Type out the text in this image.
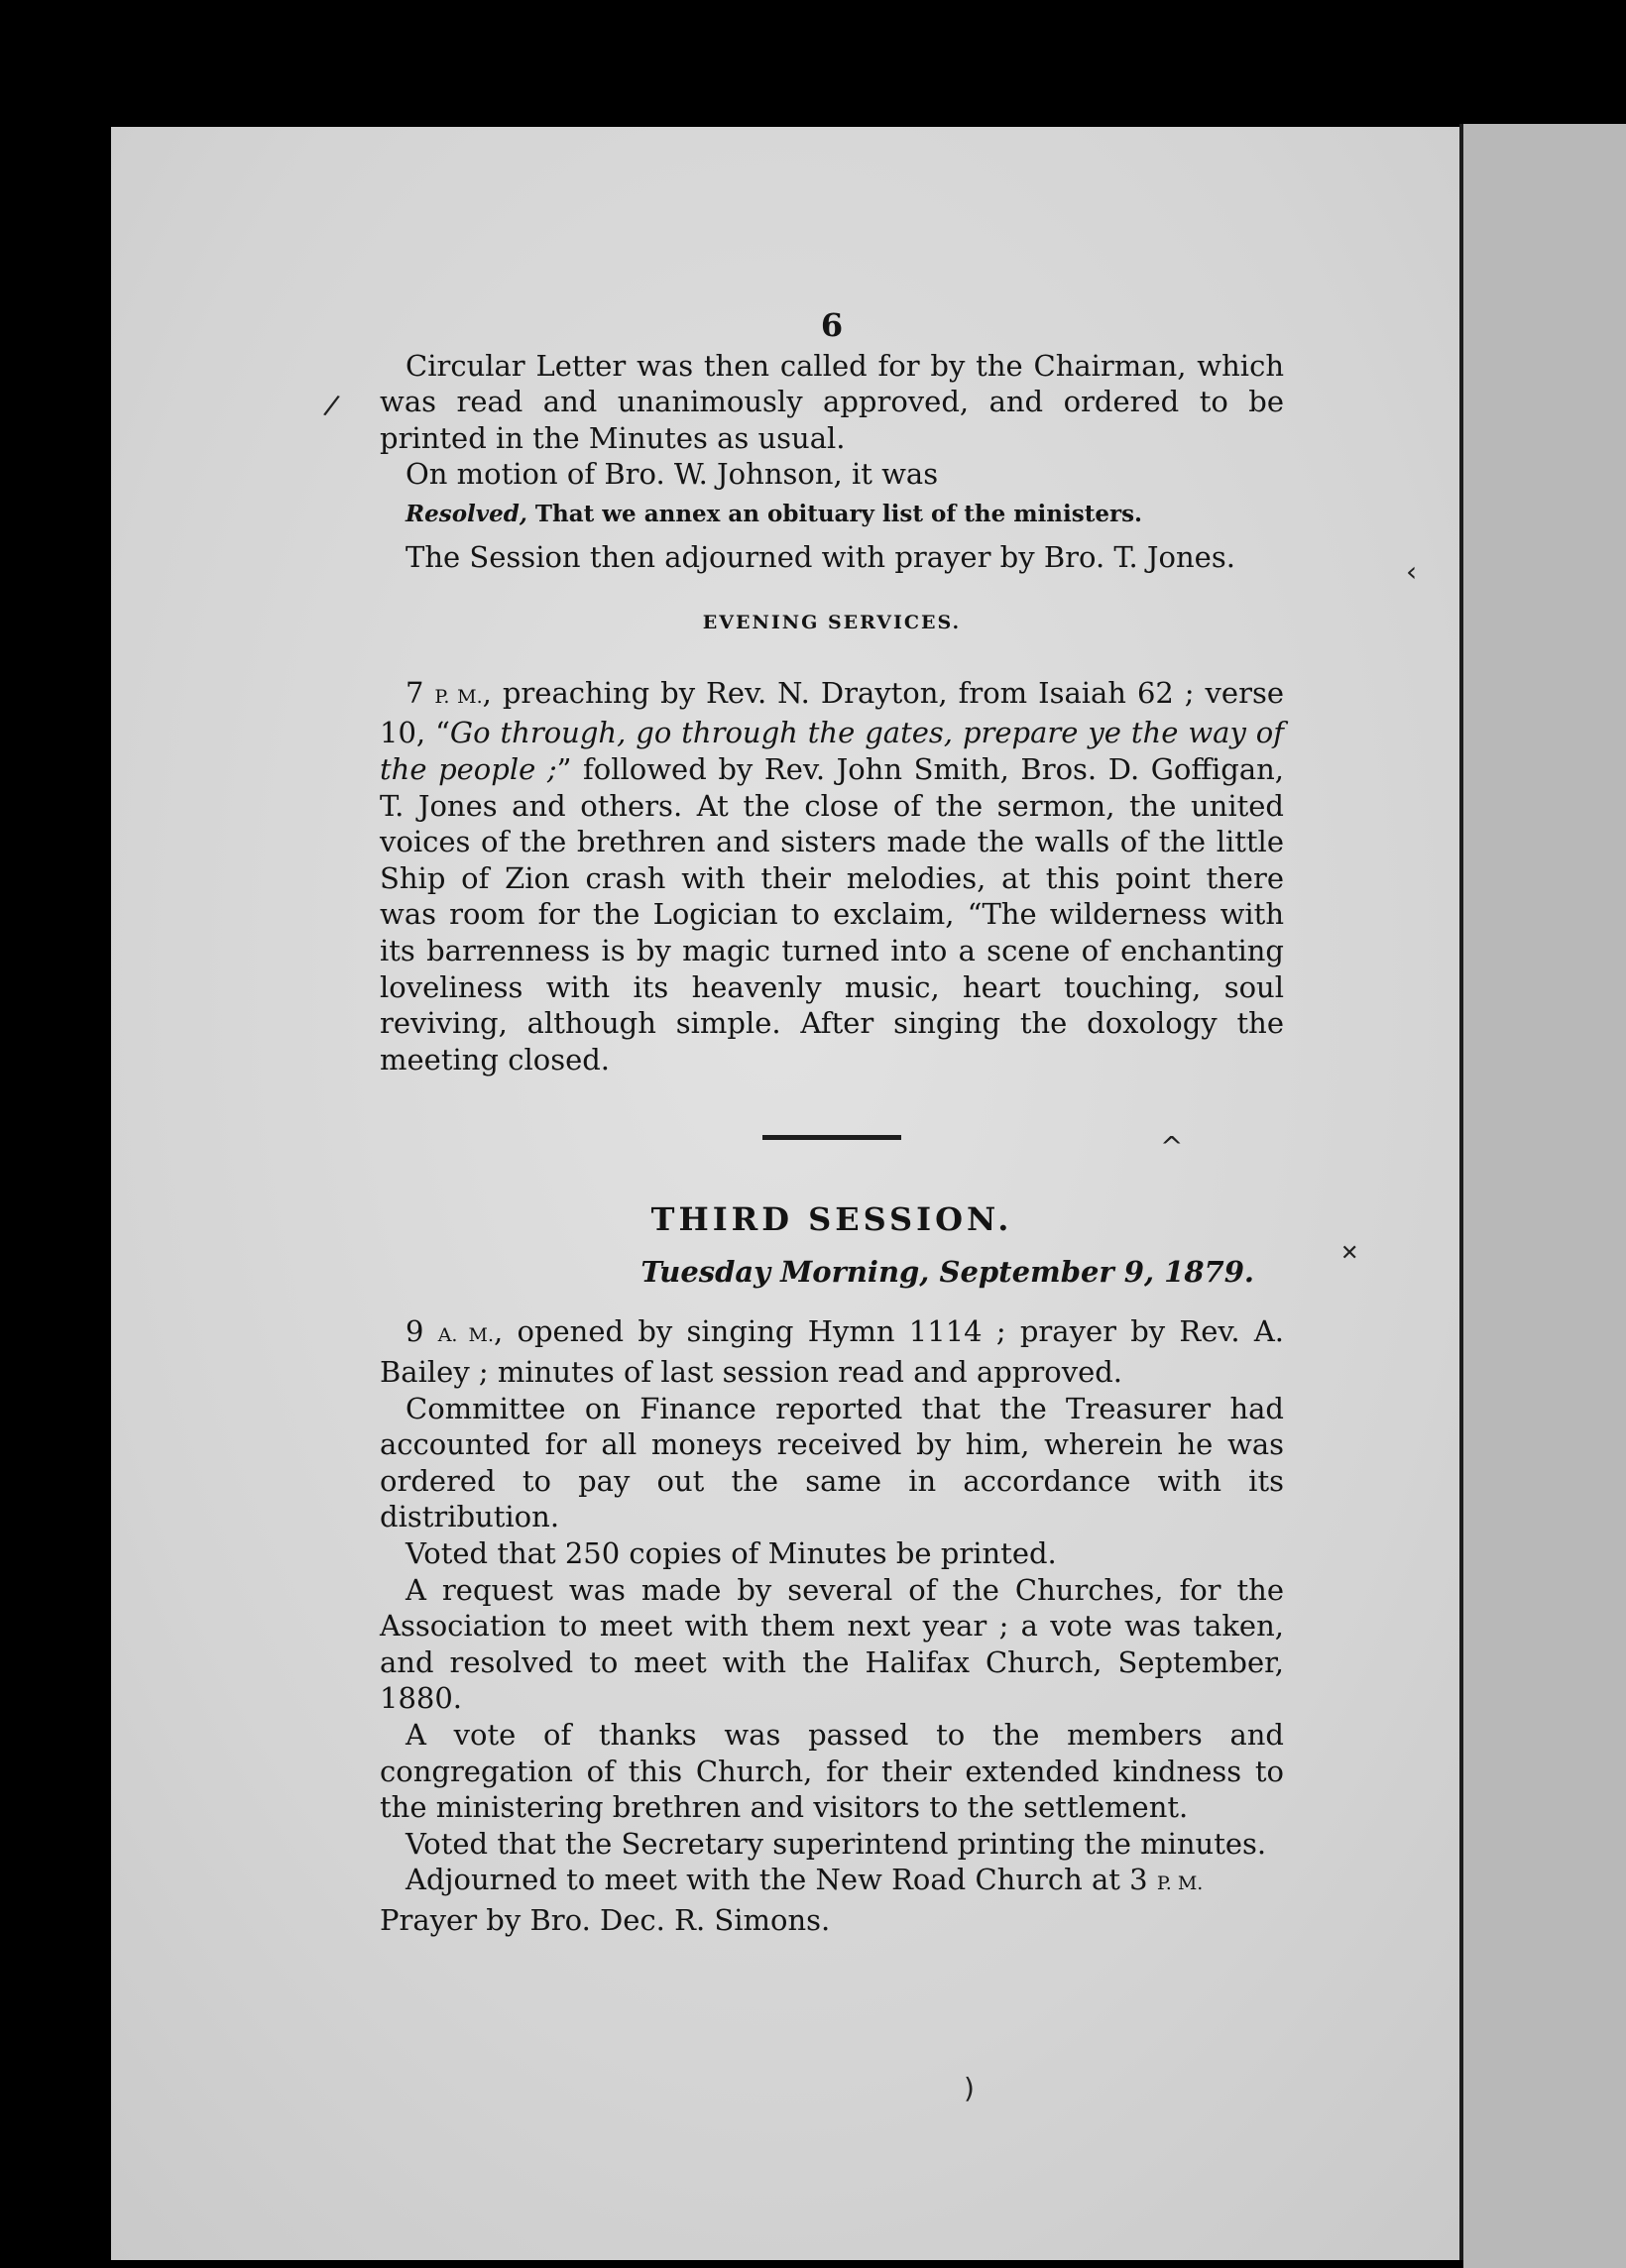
/
‹
^
✕
)
6

Circular Letter was then called for by the Chairman, which was read and unanimously approved, and ordered to be printed in the Minutes as usual.

On motion of Bro. W. Johnson, it was

Resolved, That we annex an obituary list of the ministers.

The Session then adjourned with prayer by Bro. T. Jones.

EVENING SERVICES.

7 P. M., preaching by Rev. N. Drayton, from Isaiah 62 ; verse 10, “Go through, go through the gates, prepare ye the way of the people ;” followed by Rev. John Smith, Bros. D. Goffigan, T. Jones and others. At the close of the sermon, the united voices of the brethren and sisters made the walls of the little Ship of Zion crash with their melodies, at this point there was room for the Logician to exclaim, “The wilderness with its barrenness is by magic turned into a scene of enchanting loveliness with its heavenly music, heart touching, soul reviving, although simple. After singing the doxology the meeting closed.

THIRD SESSION.
Tuesday Morning, September 9, 1879.

9 A. M., opened by singing Hymn 1114 ; prayer by Rev. A. Bailey ; minutes of last session read and approved.

Committee on Finance reported that the Treasurer had accounted for all moneys received by him, wherein he was ordered to pay out the same in accordance with its distribution.

Voted that 250 copies of Minutes be printed.

A request was made by several of the Churches, for the Association to meet with them next year ; a vote was taken, and resolved to meet with the Halifax Church, September, 1880.

A vote of thanks was passed to the members and congregation of this Church, for their extended kindness to the ministering brethren and visitors to the settlement.

Voted that the Secretary superintend printing the minutes.

Adjourned to meet with the New Road Church at 3 P. M.

Prayer by Bro. Dec. R. Simons.
